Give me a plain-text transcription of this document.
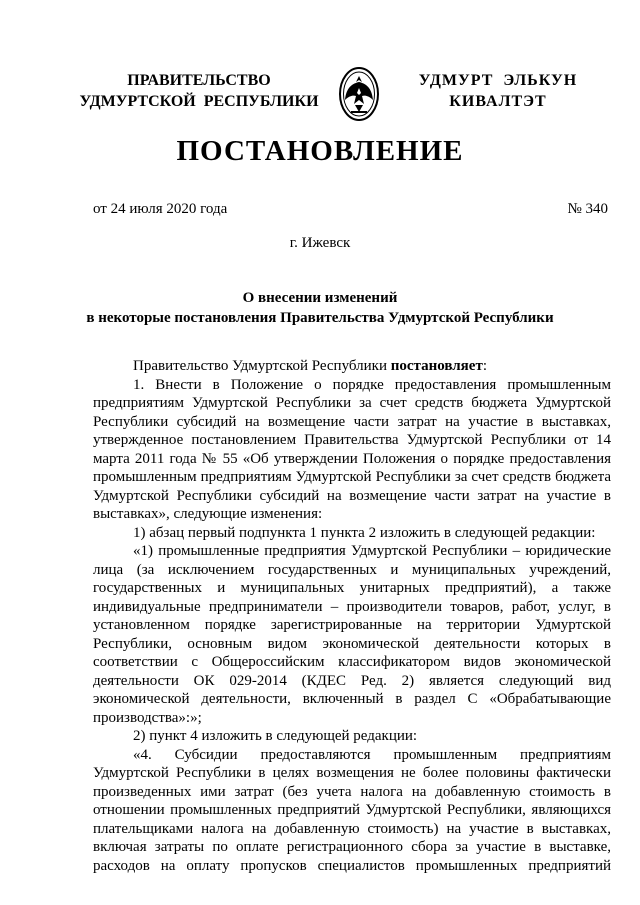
ПРАВИТЕЛЬСТВО
УДМУРТСКОЙ  РЕСПУБЛИКИ
УДМУРТ  ЭЛЬКУН
КИВАЛТЭТ
ПОСТАНОВЛЕНИЕ
от 24 июля 2020 года	№ 340
г. Ижевск
О внесении изменений
в некоторые постановления Правительства Удмуртской Республики

Правительство Удмуртской Республики постановляет:

1. Внести в Положение о порядке предоставления промышленным предприятиям Удмуртской Республики за счет средств бюджета Удмуртской Республики субсидий на возмещение части затрат на участие в выставках, утвержденное постановлением Правительства Удмуртской Республики от 14 марта 2011 года № 55 «Об утверждении Положения о порядке предоставления промышленным предприятиям Удмуртской Республики за счет средств бюджета Удмуртской Республики субсидий на возмещение части затрат на участие в выставках», следующие изменения:

1) абзац первый подпункта 1 пункта 2 изложить в следующей редакции:

«1) промышленные предприятия Удмуртской Республики – юридические лица (за исключением государственных и муниципальных учреждений, государственных и муниципальных унитарных предприятий), а также индивидуальные предприниматели – производители товаров, работ, услуг, в установленном порядке зарегистрированные на территории Удмуртской Республики, основным видом экономической деятельности которых в соответствии с Общероссийским классификатором видов экономической деятельности ОК 029-2014 (КДЕС Ред. 2) является следующий вид экономической деятельности, включенный в раздел С «Обрабатывающие производства»:»;

2) пункт 4 изложить в следующей редакции:

«4. Субсидии предоставляются промышленным предприятиям Удмуртской Республики в целях возмещения не более половины фактически произведенных ими затрат (без учета налога на добавленную стоимость в отношении промышленных предприятий Удмуртской Республики, являющихся плательщиками налога на добавленную стоимость) на участие в выставках, включая затраты по оплате регистрационного сбора за участие в выставке, расходов на оплату пропусков специалистов промышленных предприятий
